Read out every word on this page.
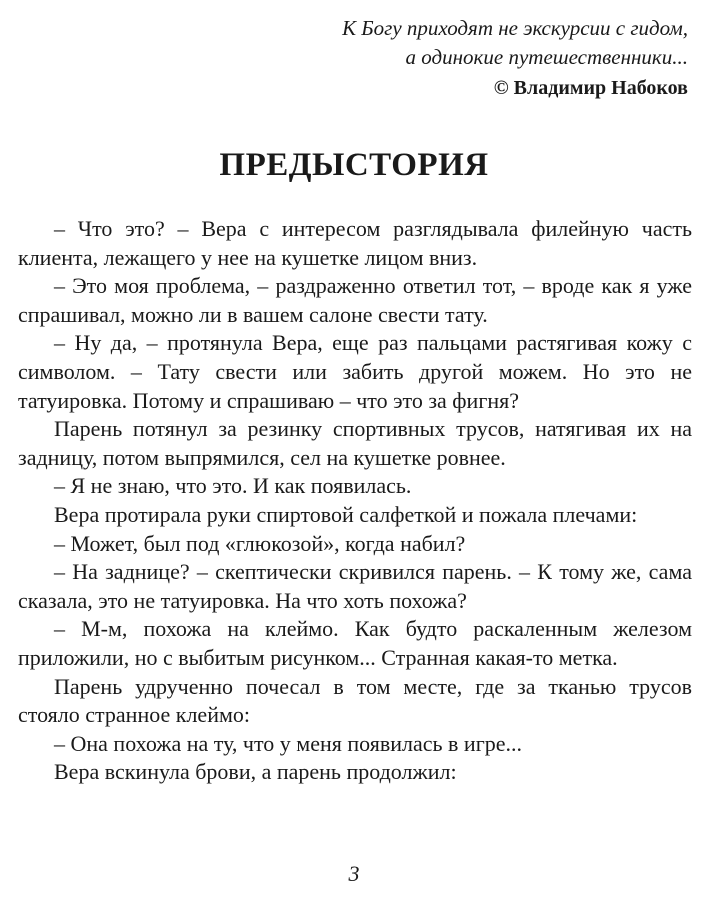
К Богу приходят не экскурсии с гидом,
а одинокие путешественники...
© Владимир Набоков
ПРЕДЫСТОРИЯ

– Что это? – Вера с интересом разглядывала филейную часть клиента, лежащего у нее на кушетке лицом вниз.

– Это моя проблема, – раздраженно ответил тот, – вроде как я уже спрашивал, можно ли в вашем салоне свести тату.

– Ну да, – протянула Вера, еще раз пальцами растягивая кожу с символом. – Тату свести или забить другой можем. Но это не татуировка. Потому и спрашиваю – что это за фигня?

Парень потянул за резинку спортивных трусов, натягивая их на задницу, потом выпрямился, сел на кушетке ровнее.

– Я не знаю, что это. И как появилась.

Вера протирала руки спиртовой салфеткой и пожала плечами:

– Может, был под «глюкозой», когда набил?

– На заднице? – скептически скривился парень. – К тому же, сама сказала, это не татуировка. На что хоть похожа?

– М-м, похожа на клеймо. Как будто раскаленным железом приложили, но с выбитым рисунком... Странная какая-то метка.

Парень удрученно почесал в том месте, где за тканью трусов стояло странное клеймо:

– Она похожа на ту, что у меня появилась в игре...

Вера вскинула брови, а парень продолжил:

3
